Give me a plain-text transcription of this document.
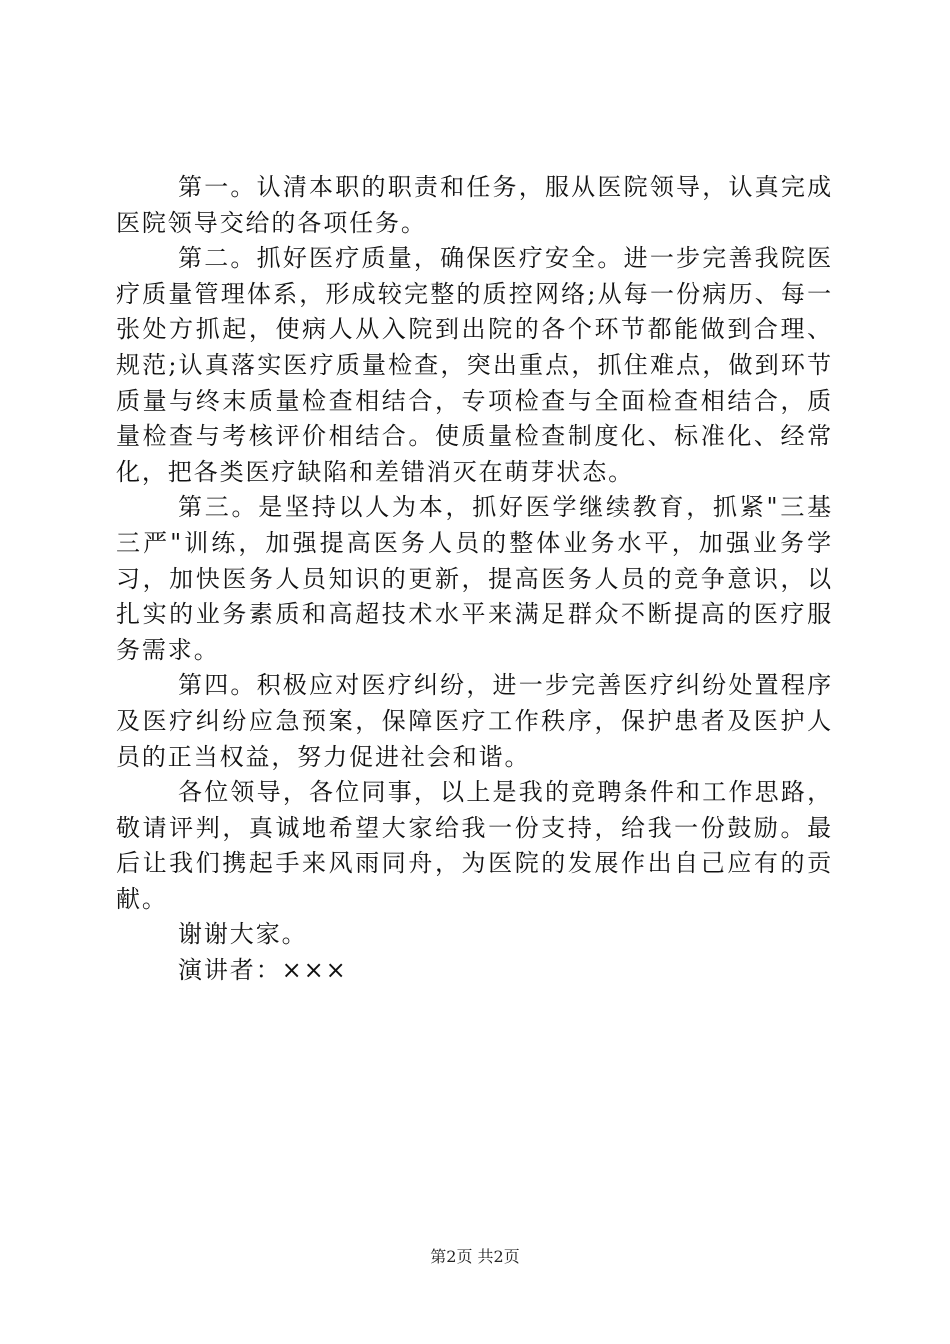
第一。认清本职的职责和任务，服从医院领导，认真完成医院领导交给的各项任务。

第二。抓好医疗质量，确保医疗安全。进一步完善我院医疗质量管理体系，形成较完整的质控网络;从每一份病历、每一张处方抓起，使病人从入院到出院的各个环节都能做到合理、规范;认真落实医疗质量检查，突出重点，抓住难点，做到环节质量与终末质量检查相结合，专项检查与全面检查相结合，质量检查与考核评价相结合。使质量检查制度化、标准化、经常化，把各类医疗缺陷和差错消灭在萌芽状态。

第三。是坚持以人为本，抓好医学继续教育，抓紧"三基三严"训练，加强提高医务人员的整体业务水平，加强业务学习，加快医务人员知识的更新，提高医务人员的竞争意识，以扎实的业务素质和高超技术水平来满足群众不断提高的医疗服务需求。

第四。积极应对医疗纠纷，进一步完善医疗纠纷处置程序及医疗纠纷应急预案，保障医疗工作秩序，保护患者及医护人员的正当权益，努力促进社会和谐。

各位领导，各位同事，以上是我的竞聘条件和工作思路，敬请评判，真诚地希望大家给我一份支持，给我一份鼓励。最后让我们携起手来风雨同舟，为医院的发展作出自己应有的贡献。

谢谢大家。

演讲者：×××

第2页 共2页
